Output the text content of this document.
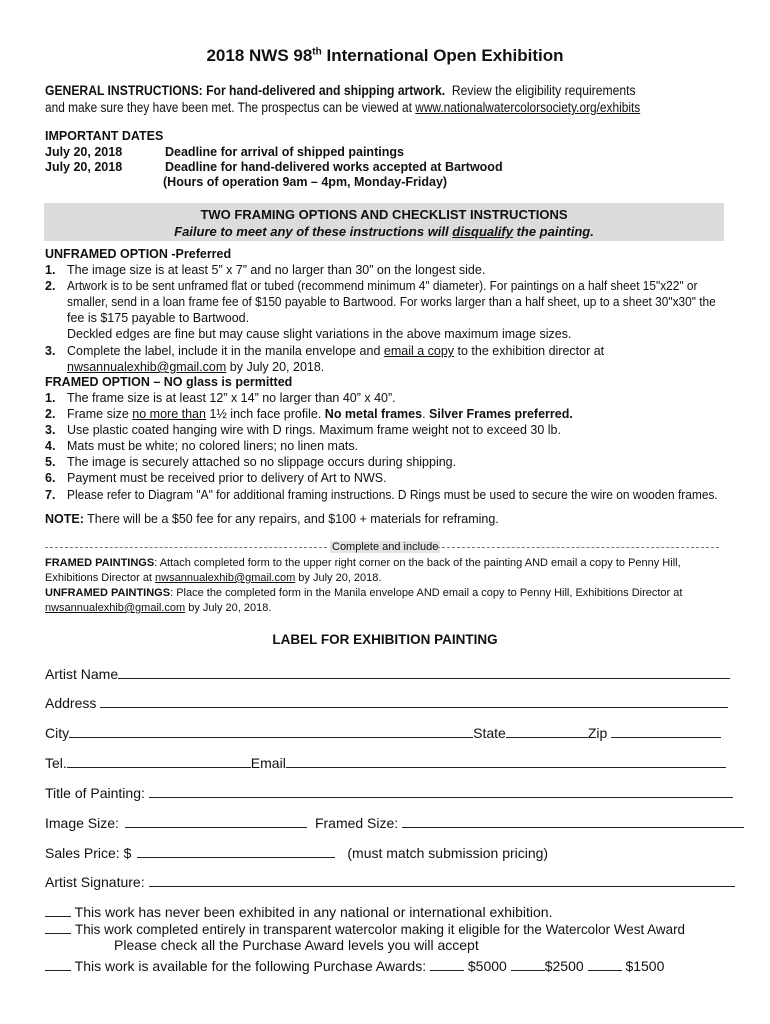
2018 NWS 98th International Open Exhibition
GENERAL INSTRUCTIONS: For hand-delivered and shipping artwork. Review the eligibility requirements
and make sure they have been met. The prospectus can be viewed at www.nationalwatercolorsociety.org/exhibits
IMPORTANT DATES
July 20, 2018	Deadline for arrival of shipped paintings
July 20, 2018	Deadline for hand-delivered works accepted at Bartwood
(Hours of operation 9am – 4pm, Monday-Friday)
TWO FRAMING OPTIONS AND CHECKLIST INSTRUCTIONS
Failure to meet any of these instructions will disqualify the painting.
UNFRAMED OPTION -Preferred
1. The image size is at least 5” x 7” and no larger than 30” on the longest side.
2. Artwork is to be sent unframed flat or tubed (recommend minimum 4" diameter). For paintings on a half sheet 15"x22" or
smaller, send in a loan frame fee of $150 payable to Bartwood. For works larger than a half sheet, up to a sheet 30"x30" the
fee is $175 payable to Bartwood.
Deckled edges are fine but may cause slight variations in the above maximum image sizes.
3. Complete the label, include it in the manila envelope and email a copy to the exhibition director at
nwsannualexhib@gmail.com by July 20, 2018.
FRAMED OPTION – NO glass is permitted
1. The frame size is at least 12” x 14” no larger than 40” x 40”.
2. Frame size no more than 1½ inch face profile. No metal frames. Silver Frames preferred.
3. Use plastic coated hanging wire with D rings. Maximum frame weight not to exceed 30 lb.
4. Mats must be white; no colored liners; no linen mats.
5. The image is securely attached so no slippage occurs during shipping.
6. Payment must be received prior to delivery of Art to NWS.
7. Please refer to Diagram "A" for additional framing instructions. D Rings must be used to secure the wire on wooden frames.
NOTE: There will be a $50 fee for any repairs, and $100 + materials for reframing.
Complete and include
FRAMED PAINTINGS: Attach completed form to the upper right corner on the back of the painting AND email a copy to Penny Hill,
Exhibitions Director at nwsannualexhib@gmail.com by July 20, 2018.
UNFRAMED PAINTINGS: Place the completed form in the Manila envelope AND email a copy to Penny Hill, Exhibitions Director at
nwsannualexhib@gmail.com by July 20, 2018.
LABEL FOR EXHIBITION PAINTING
Artist Name
Address
City	State	Zip
Tel.	Email
Title of Painting:
Image Size:	Framed Size:
Sales Price: $	(must match submission pricing)
Artist Signature:
This work has never been exhibited in any national or international exhibition.
This work completed entirely in transparent watercolor making it eligible for the Watercolor West Award
Please check all the Purchase Award levels you will accept
This work is available for the following Purchase Awards:	$5000	$2500	$1500
